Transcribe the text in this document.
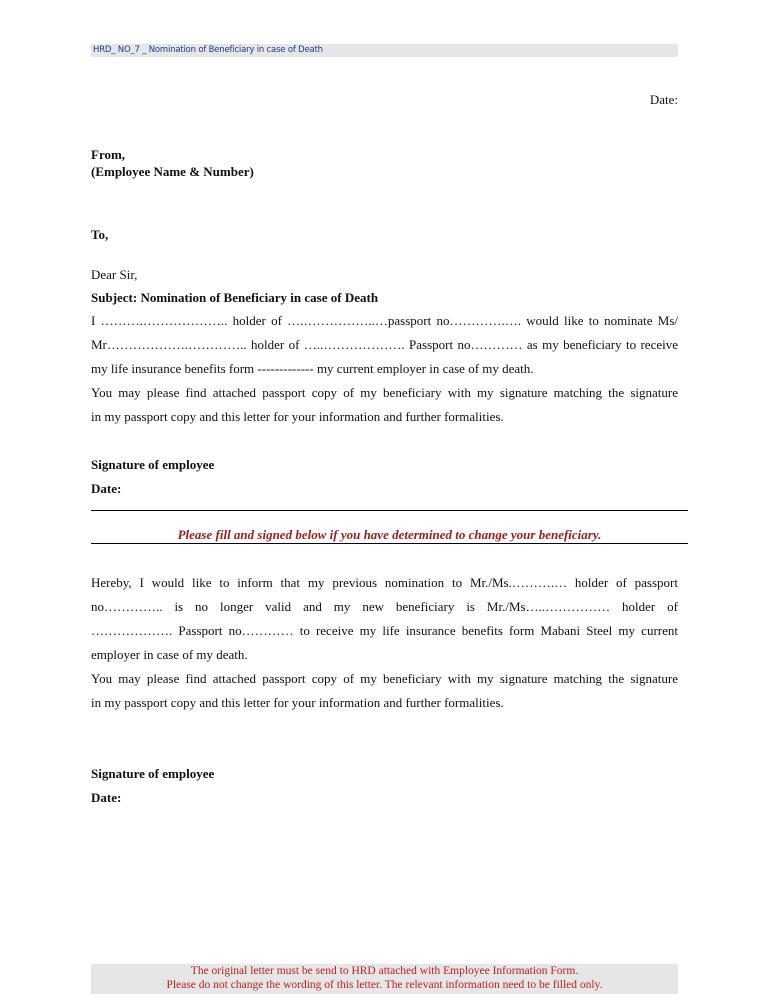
HRD_ NO_7 _ Nomination of Beneficiary in case of Death
Date:
From,
(Employee Name & Number)
To,
Dear Sir,
Subject: Nomination of Beneficiary in case of Death
I ……….……………….. holder of ….……………..…passport no………….…. would like to nominate Ms/
Mr……………….………….. holder of …..………………. Passport no………… as my beneficiary to receive
my life insurance benefits form ------------- my current employer in case of my death.
You may please find attached passport copy of my beneficiary with my signature matching the signature
in my passport copy and this letter for your information and further formalities.
Signature of employee
Date:
Please fill and signed below if you have determined to change your beneficiary.
Hereby, I would like to inform that my previous nomination to Mr./Ms.……….… holder of passport
no………….. is no longer valid and my new beneficiary is Mr./Ms…..…………… holder of
………………. Passport no………… to receive my life insurance benefits form Mabani Steel my current
employer in case of my death.
You may please find attached passport copy of my beneficiary with my signature matching the signature
in my passport copy and this letter for your information and further formalities.
Signature of employee
Date:
The original letter must be send to HRD attached with Employee Information Form.
Please do not change the wording of this letter. The relevant information need to be filled only.
